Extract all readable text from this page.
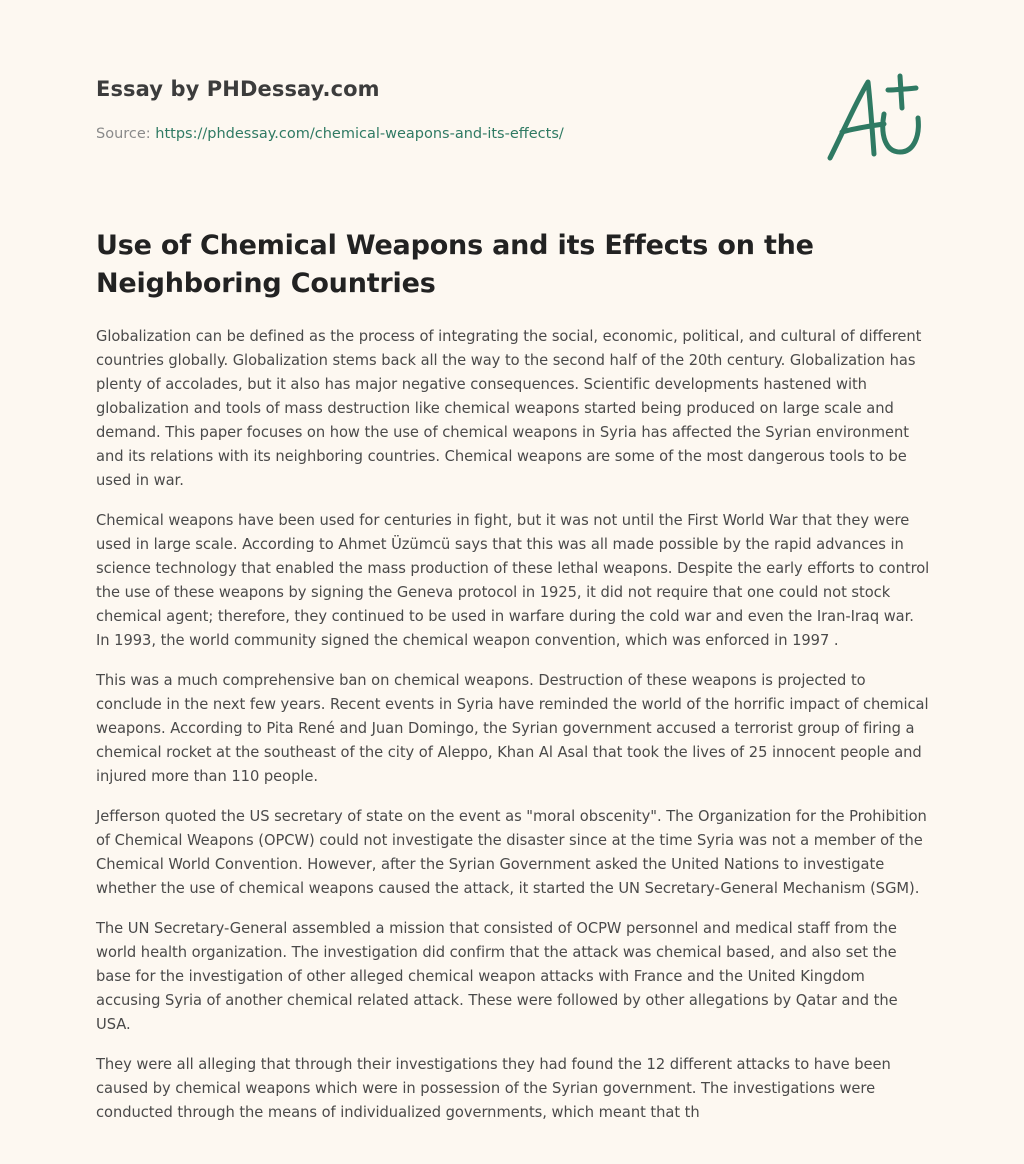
Essay by PHDessay.com
Source: https://phdessay.com/chemical-weapons-and-its-effects/
Use of Chemical Weapons and its Effects on the Neighboring Countries

Globalization can be defined as the process of integrating the social, economic, political, and cultural of different countries globally. Globalization stems back all the way to the second half of the 20th century. Globalization has plenty of accolades, but it also has major negative consequences. Scientific developments hastened with globalization and tools of mass destruction like chemical weapons started being produced on large scale and demand. This paper focuses on how the use of chemical weapons in Syria has affected the Syrian environment and its relations with its neighboring countries. Chemical weapons are some of the most dangerous tools to be used in war.

Chemical weapons have been used for centuries in fight, but it was not until the First World War that they were used in large scale. According to Ahmet Üzümcü says that this was all made possible by the rapid advances in science technology that enabled the mass production of these lethal weapons. Despite the early efforts to control the use of these weapons by signing the Geneva protocol in 1925, it did not require that one could not stock chemical agent; therefore, they continued to be used in warfare during the cold war and even the Iran-Iraq war. In 1993, the world community signed the chemical weapon convention, which was enforced in 1997 .

This was a much comprehensive ban on chemical weapons. Destruction of these weapons is projected to conclude in the next few years. Recent events in Syria have reminded the world of the horrific impact of chemical weapons. According to Pita René and Juan Domingo, the Syrian government accused a terrorist group of firing a chemical rocket at the southeast of the city of Aleppo, Khan Al Asal that took the lives of 25 innocent people and injured more than 110 people.

Jefferson quoted the US secretary of state on the event as "moral obscenity". The Organization for the Prohibition of Chemical Weapons (OPCW) could not investigate the disaster since at the time Syria was not a member of the Chemical World Convention. However, after the Syrian Government asked the United Nations to investigate whether the use of chemical weapons caused the attack, it started the UN Secretary-General Mechanism (SGM).

The UN Secretary-General assembled a mission that consisted of OCPW personnel and medical staff from the world health organization. The investigation did confirm that the attack was chemical based, and also set the base for the investigation of other alleged chemical weapon attacks with France and the United Kingdom accusing Syria of another chemical related attack. These were followed by other allegations by Qatar and the USA.

They were all alleging that through their investigations they had found the 12 different attacks to have been caused by chemical weapons which were in possession of the Syrian government. The investigations were conducted through the means of individualized governments, which meant that th
